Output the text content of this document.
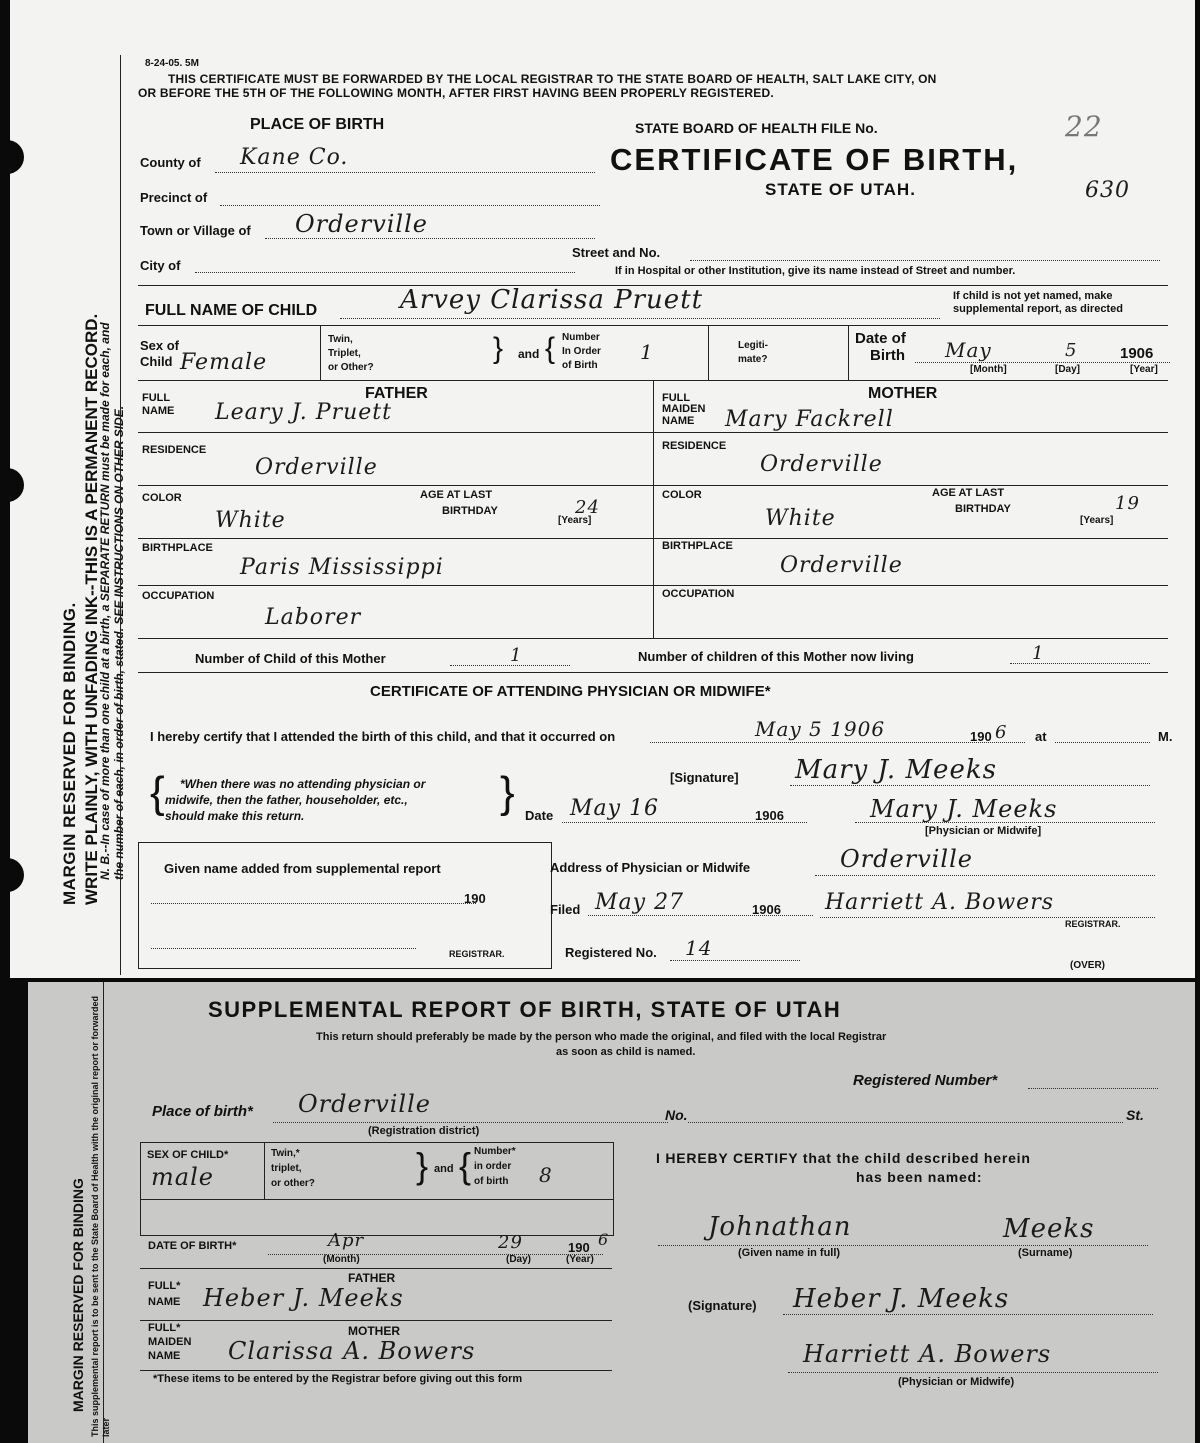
MARGIN RESERVED FOR BINDING. WRITE PLAINLY, WITH UNFADING INK--THIS IS A PERMANENT RECORD.
N. B.--In case of more than one child at a birth, a SEPARATE RETURN must be made for each, and the number of each, in order of birth, stated. SEE INSTRUCTIONS ON OTHER SIDE.
8-24-05. 5M
THIS CERTIFICATE MUST BE FORWARDED BY THE LOCAL REGISTRAR TO THE STATE BOARD OF HEALTH, SALT LAKE CITY, ON
OR BEFORE THE 5TH OF THE FOLLOWING MONTH, AFTER FIRST HAVING BEEN PROPERLY REGISTERED.
PLACE OF BIRTH
County of Kane Co.
Precinct of
Town or Village of Orderville
City of
STATE BOARD OF HEALTH FILE No.	22
CERTIFICATE OF BIRTH,
STATE OF UTAH.	630
Street and No.
If in Hospital or other Institution, give its name instead of Street and number.
FULL NAME OF CHILD	Arvey Clarissa Pruett	If child is not yet named, make
supplemental report, as directed
Sex of
Child Female
Twin,
Triplet,
or Other?
} and { Number
In Order
of Birth
1	Legiti-
mate?
Date of
Birth May	5	1906
[Month]	[Day]	[Year]
FATHER
FULL
NAME Leary J. Pruett
RESIDENCE
Orderville
COLOR
White
AGE AT LAST
BIRTHDAY	24
[Years]
BIRTHPLACE
Paris Mississippi
OCCUPATION
Laborer
MOTHER
FULL
MAIDEN
NAME Mary Fackrell
RESIDENCE
Orderville
COLOR
White
AGE AT LAST
BIRTHDAY	19
[Years]
BIRTHPLACE
Orderville
OCCUPATION
Number of Child of this Mother	1	Number of children of this Mother now living	1
CERTIFICATE OF ATTENDING PHYSICIAN OR MIDWIFE*
I hereby certify that I attended the birth of this child, and that it occurred on	May 5 1906	190 6 at	M.
{ *When there was no attending physician or
midwife, then the father, householder, etc.,
should make this return.	}	[Signature] Mary J. Meeks
Date May 16	1906	Mary J. Meeks
[Physician or Midwife]
Given name added from supplemental report
190
REGISTRAR.
Address of Physician or Midwife	Orderville
Filed May 27	1906 Harriett A. Bowers
REGISTRAR.
Registered No. 14
(OVER)
MARGIN RESERVED FOR BINDING This supplemental report is to be sent to the State Board of Health with the original report or forwarded later
SUPPLEMENTAL REPORT OF BIRTH, STATE OF UTAH
This return should preferably be made by the person who made the original, and filed with the local Registrar
as soon as child is named.
Registered Number*
Place of birth* Orderville
(Registration district)
No.	St.
SEX OF CHILD*
male
Twin,*
triplet,
or other?	} and { Number*
in order
of birth 8
DATE OF BIRTH*	Apr	29	190 6
(Month)	(Day)	(Year)
FATHER
FULL*
NAME Heber J. Meeks
MOTHER
FULL*
MAIDEN
NAME Clarissa A. Bowers
*These items to be entered by the Registrar before giving out this form
I HEREBY CERTIFY that the child described herein
has been named:
Johnathan	Meeks
(Given name in full)	(Surname)
(Signature) Heber J. Meeks
Harriett A. Bowers
(Physician or Midwife)
